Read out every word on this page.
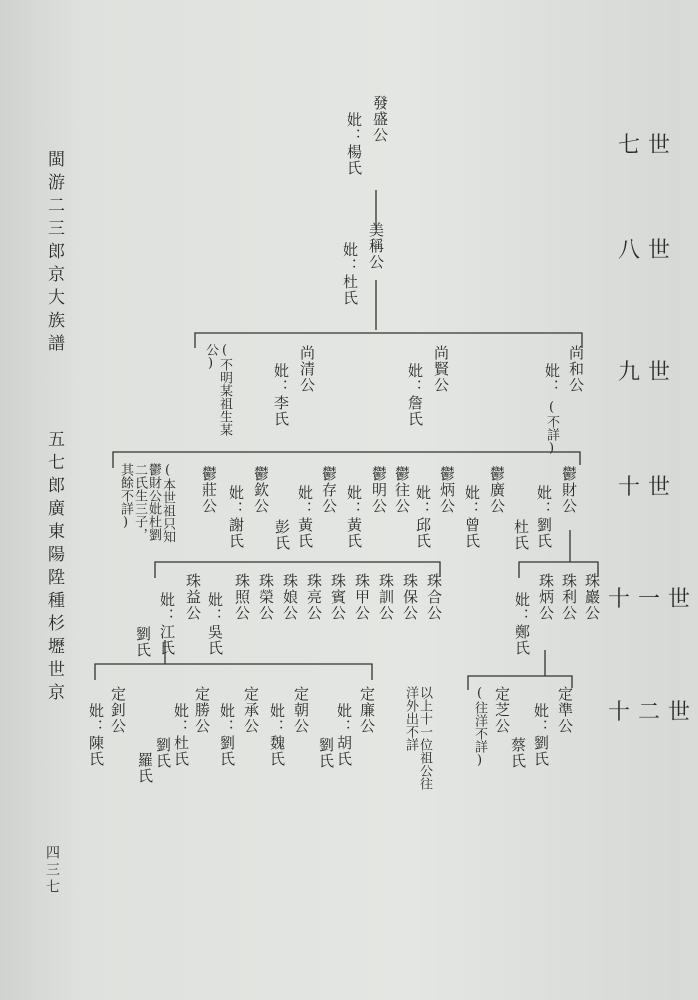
七世
八世
九世
十世
十一世
十二世
閩游二三郎京大族譜
五七郎廣東陽陞種杉壢世京
四三七
發盛公
妣：楊氏
美稱公
妣：杜氏
尚和公
妣：
(不詳)
尚賢公
妣：詹氏
尚清公
妣：李氏
(不明某祖生某公)
鬱財公
妣：劉氏
杜氏
鬱廣公
妣：曾氏
鬱炳公
妣：邱氏
鬱往公
鬱明公
妣：黃氏
鬱存公
妣：黃氏
彭氏
鬱欽公
妣：謝氏
鬱莊公
(本世祖只知鬱財公妣杜劉二氏生三子，其餘不詳)
珠巖公
珠利公
珠炳公
妣：鄭氏
珠合公
珠保公
珠訓公
珠甲公
珠賓公
珠亮公
珠娘公
珠榮公
珠照公
珠益公 妣：吳氏
妣：江氏
劉氏
定準公
妣：劉氏
蔡氏
定芝公
(往洋不詳)
以上十一位祖公往洋外出不詳
定廉公
妣：胡氏
劉氏
定朝公
妣：魏氏
定承公
妣：劉氏
定勝公
妣：杜氏
劉氏
羅氏
定釗公
妣：陳氏
